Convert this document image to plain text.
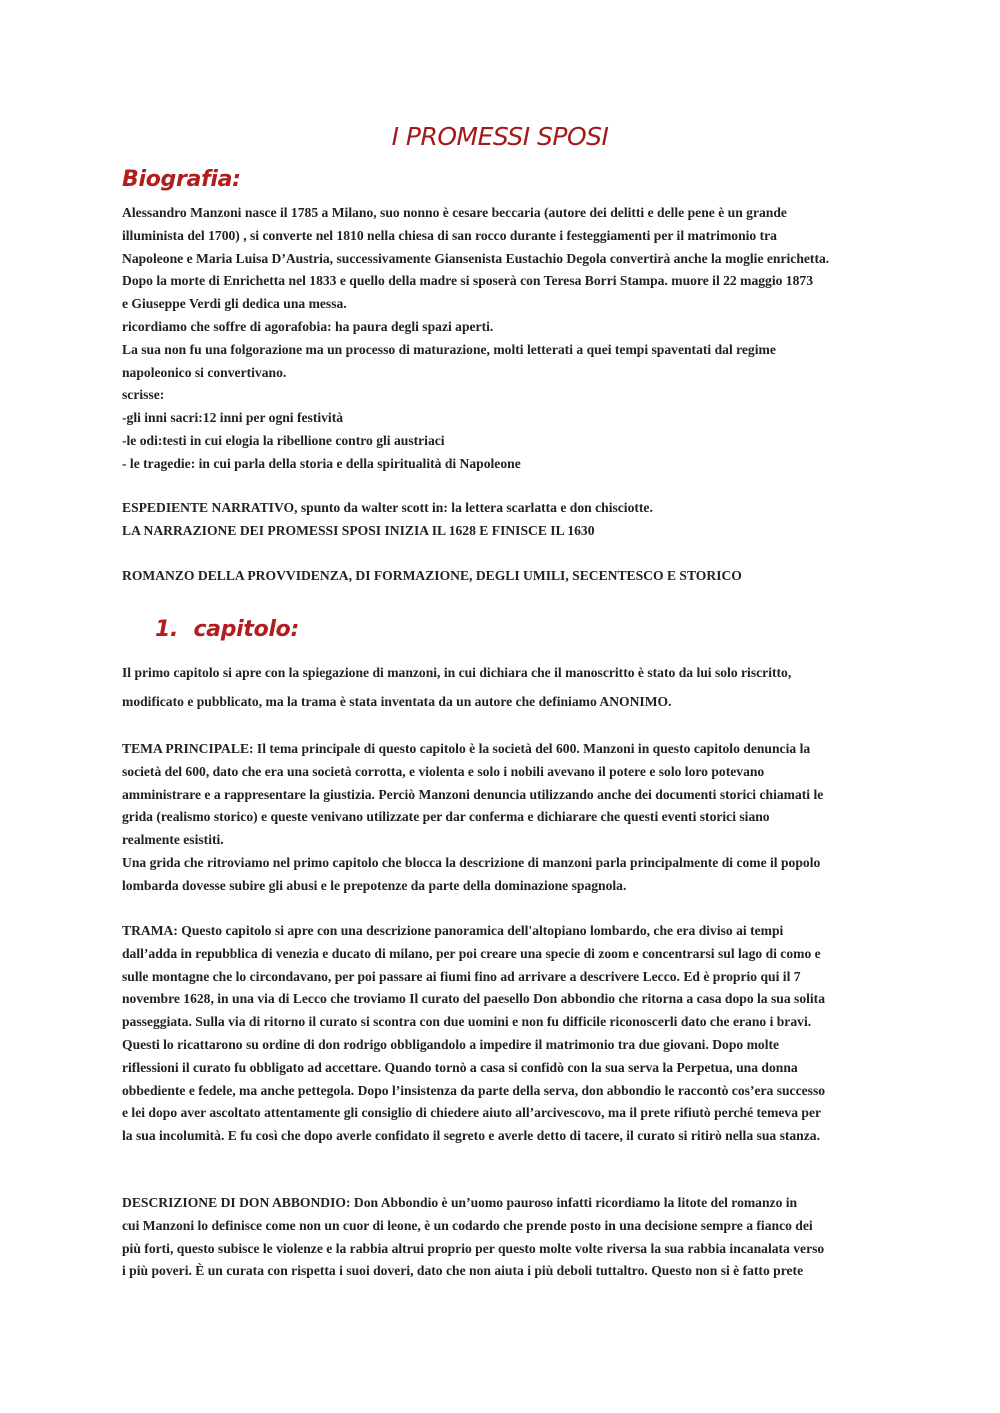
I PROMESSI SPOSI
Biografia:
Alessandro Manzoni nasce il 1785 a Milano, suo nonno è cesare beccaria (autore dei delitti e delle pene è un grande
illuminista del 1700) , si converte nel 1810 nella chiesa di san rocco durante i festeggiamenti per il matrimonio tra
Napoleone e Maria Luisa D’Austria, successivamente Giansenista Eustachio Degola convertirà anche la moglie enrichetta.
Dopo la morte di Enrichetta nel 1833 e quello della madre si sposerà con Teresa Borri Stampa. muore il 22 maggio 1873
e Giuseppe Verdi gli dedica una messa.
ricordiamo che soffre di agorafobia: ha paura degli spazi aperti.
La sua non fu una folgorazione ma un processo di maturazione, molti letterati a quei tempi spaventati dal regime
napoleonico si convertivano.
scrisse:
-gli inni sacri:12 inni per ogni festività
-le odi:testi in cui elogia la ribellione contro gli austriaci
- le tragedie: in cui parla della storia e della spiritualità di Napoleone
ESPEDIENTE NARRATIVO, spunto da walter scott in: la lettera scarlatta e don chisciotte.
LA NARRAZIONE DEI PROMESSI SPOSI INIZIA IL 1628 E FINISCE IL 1630
ROMANZO DELLA PROVVIDENZA, DI FORMAZIONE, DEGLI UMILI, SECENTESCO E STORICO
1. capitolo:
Il primo capitolo si apre con la spiegazione di manzoni, in cui dichiara che il manoscritto è stato da lui solo riscritto,
modificato e pubblicato, ma la trama è stata inventata da un autore che definiamo ANONIMO.
TEMA PRINCIPALE: Il tema principale di questo capitolo è la società del 600. Manzoni in questo capitolo denuncia la
società del 600, dato che era una società corrotta, e violenta e solo i nobili avevano il potere e solo loro potevano
amministrare e a rappresentare la giustizia. Perciò Manzoni denuncia utilizzando anche dei documenti storici chiamati le
grida (realismo storico) e queste venivano utilizzate per dar conferma e dichiarare che questi eventi storici siano
realmente esistiti.
Una grida che ritroviamo nel primo capitolo che blocca la descrizione di manzoni parla principalmente di come il popolo
lombarda dovesse subire gli abusi e le prepotenze da parte della dominazione spagnola.
TRAMA: Questo capitolo si apre con una descrizione panoramica dell'altopiano lombardo, che era diviso ai tempi
dall’adda in repubblica di venezia e ducato di milano, per poi creare una specie di zoom e concentrarsi sul lago di como e
sulle montagne che lo circondavano, per poi passare ai fiumi fino ad arrivare a descrivere Lecco. Ed è proprio qui il 7
novembre 1628, in una via di Lecco che troviamo Il curato del paesello Don abbondio che ritorna a casa dopo la sua solita
passeggiata. Sulla via di ritorno il curato si scontra con due uomini e non fu difficile riconoscerli dato che erano i bravi.
Questi lo ricattarono su ordine di don rodrigo obbligandolo a impedire il matrimonio tra due giovani. Dopo molte
riflessioni il curato fu obbligato ad accettare. Quando tornò a casa si confidò con la sua serva la Perpetua, una donna
obbediente e fedele, ma anche pettegola. Dopo l’insistenza da parte della serva, don abbondio le raccontò cos’era successo
e lei dopo aver ascoltato attentamente gli consiglio di chiedere aiuto all’arcivescovo, ma il prete rifiutò perché temeva per
la sua incolumità. E fu così che dopo averle confidato il segreto e averle detto di tacere, il curato si ritirò nella sua stanza.
DESCRIZIONE DI DON ABBONDIO: Don Abbondio è un’uomo pauroso infatti ricordiamo la litote del romanzo in
cui Manzoni lo definisce come non un cuor di leone, è un codardo che prende posto in una decisione sempre a fianco dei
più forti, questo subisce le violenze e la rabbia altrui proprio per questo molte volte riversa la sua rabbia incanalata verso
i più poveri. È un curata con rispetta i suoi doveri, dato che non aiuta i più deboli tuttaltro. Questo non si è fatto prete
